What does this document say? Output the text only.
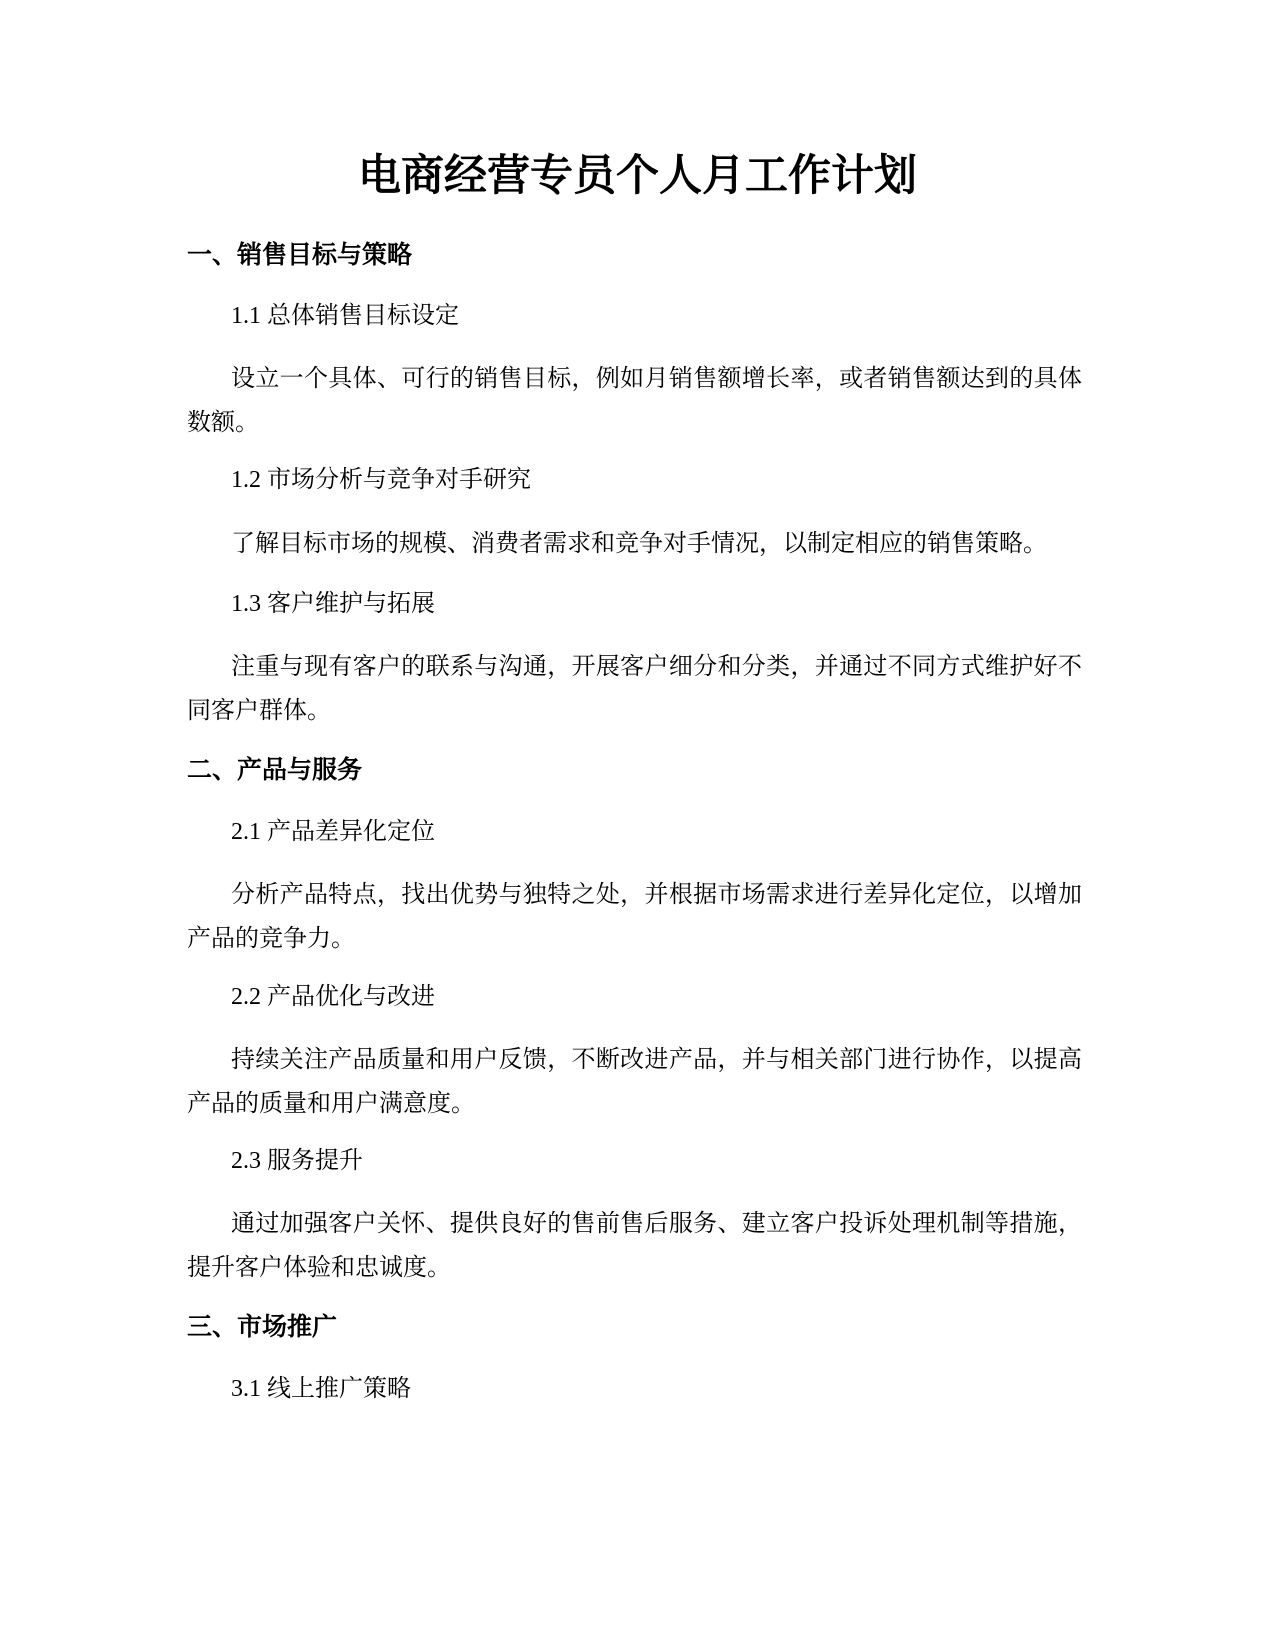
电商经营专员个人月工作计划
一、销售目标与策略
1.1 总体销售目标设定
设立一个具体、可行的销售目标，例如月销售额增长率，或者销售额达到的具体数额。
1.2 市场分析与竞争对手研究
了解目标市场的规模、消费者需求和竞争对手情况，以制定相应的销售策略。
1.3 客户维护与拓展
注重与现有客户的联系与沟通，开展客户细分和分类，并通过不同方式维护好不同客户群体。
二、产品与服务
2.1 产品差异化定位
分析产品特点，找出优势与独特之处，并根据市场需求进行差异化定位，以增加产品的竞争力。
2.2 产品优化与改进
持续关注产品质量和用户反馈，不断改进产品，并与相关部门进行协作，以提高产品的质量和用户满意度。
2.3 服务提升
通过加强客户关怀、提供良好的售前售后服务、建立客户投诉处理机制等措施，提升客户体验和忠诚度。
三、市场推广
3.1 线上推广策略
